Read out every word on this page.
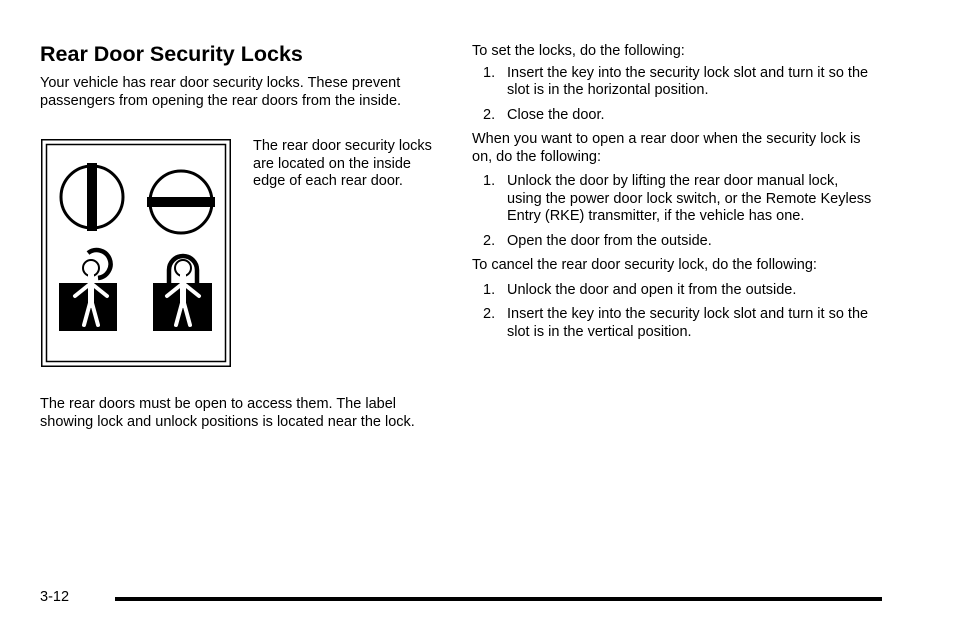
Rear Door Security Locks

Your vehicle has rear door security locks. These prevent passengers from opening the rear doors from the inside.

The rear door security locks are located on the inside edge of each rear door.

The rear doors must be open to access them. The label showing lock and unlock positions is located near the lock.

To set the locks, do the following:

1. Insert the key into the security lock slot and turn it so the slot is in the horizontal position.
2. Close the door.

When you want to open a rear door when the security lock is on, do the following:

1. Unlock the door by lifting the rear door manual lock, using the power door lock switch, or the Remote Keyless Entry (RKE) transmitter, if the vehicle has one.
2. Open the door from the outside.

To cancel the rear door security lock, do the following:

1. Unlock the door and open it from the outside.
2. Insert the key into the security lock slot and turn it so the slot is in the vertical position.

3-12
